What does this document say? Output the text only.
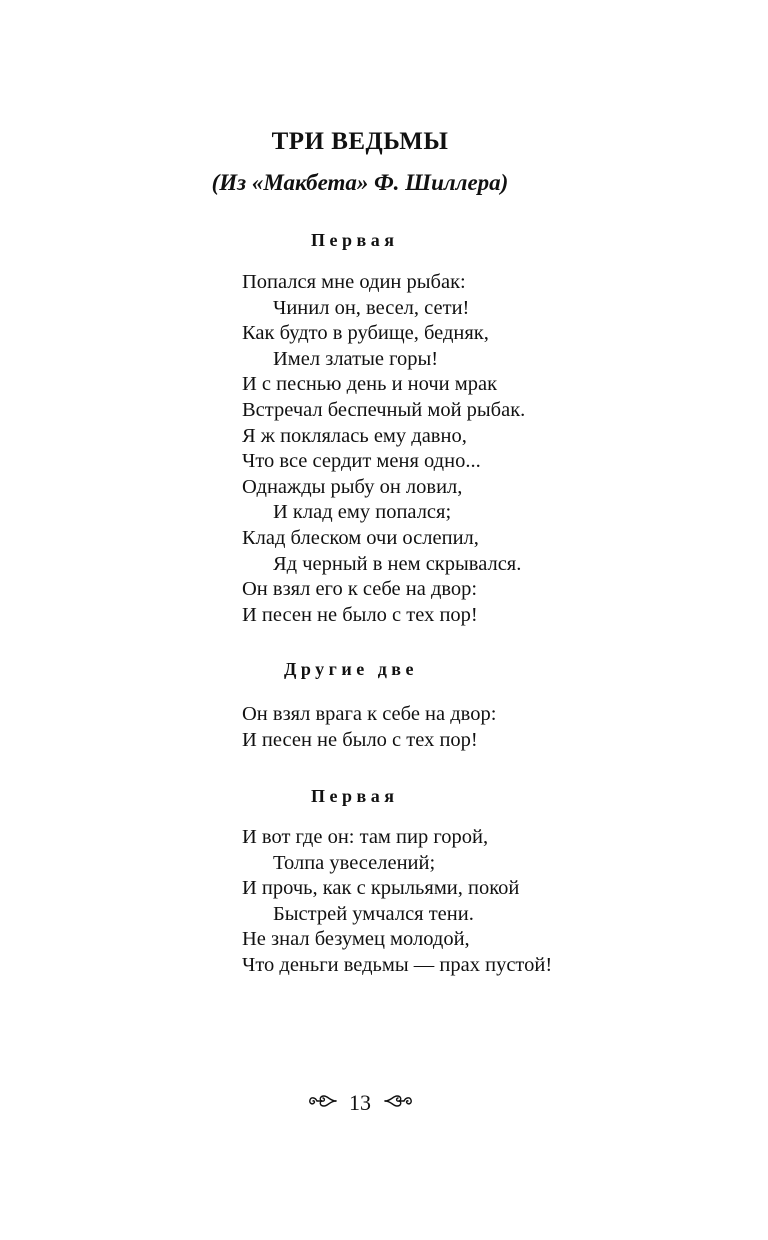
ТРИ ВЕДЬМЫ
(Из «Макбета» Ф. Шиллера)
Первая
Попался мне один рыбак:
Чинил он, весел, сети!
Как будто в рубище, бедняк,
Имел златые горы!
И с песнью день и ночи мрак
Встречал беспечный мой рыбак.
Я ж поклялась ему давно,
Что все сердит меня одно...
Однажды рыбу он ловил,
И клад ему попался;
Клад блеском очи ослепил,
Яд черный в нем скрывался.
Он взял его к себе на двор:
И песен не было с тех пор!
Другие две
Он взял врага к себе на двор:
И песен не было с тех пор!
Первая
И вот где он: там пир горой,
Толпа увеселений;
И прочь, как с крыльями, покой
Быстрей умчался тени.
Не знал безумец молодой,
Что деньги ведьмы — прах пустой!
13
